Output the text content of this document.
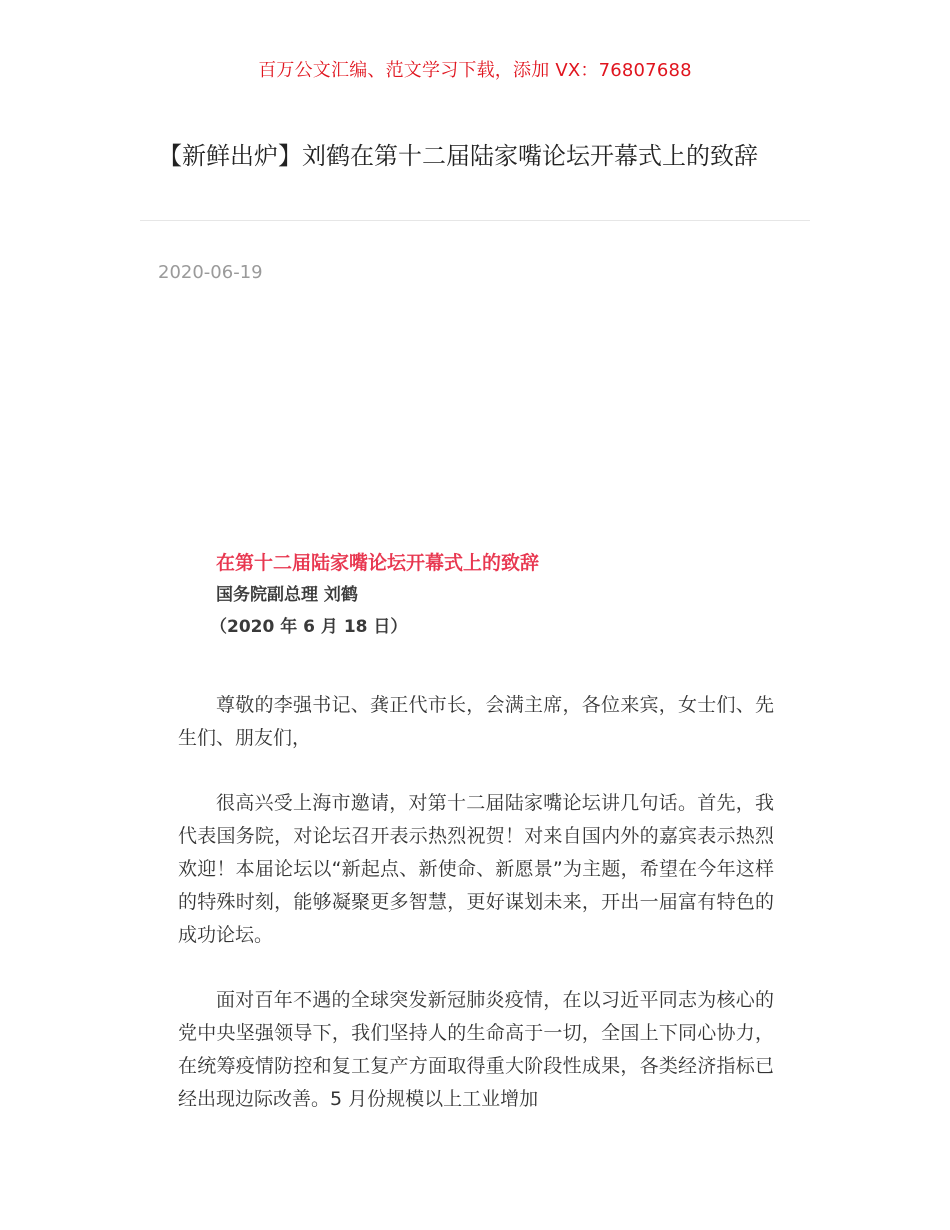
百万公文汇编、范文学习下载，添加 VX：76807688
【新鲜出炉】刘鹤在第十二届陆家嘴论坛开幕式上的致辞
2020-06-19
在第十二届陆家嘴论坛开幕式上的致辞
国务院副总理 刘鹤
（2020 年 6 月 18 日）

尊敬的李强书记、龚正代市长，会满主席，各位来宾，女士们、先生们、朋友们，

很高兴受上海市邀请，对第十二届陆家嘴论坛讲几句话。首先，我代表国务院，对论坛召开表示热烈祝贺！对来自国内外的嘉宾表示热烈欢迎！本届论坛以“新起点、新使命、新愿景”为主题，希望在今年这样的特殊时刻，能够凝聚更多智慧，更好谋划未来，开出一届富有特色的成功论坛。

面对百年不遇的全球突发新冠肺炎疫情，在以习近平同志为核心的党中央坚强领导下，我们坚持人的生命高于一切，全国上下同心协力，在统筹疫情防控和复工复产方面取得重大阶段性成果，各类经济指标已经出现边际改善。5 月份规模以上工业增加
